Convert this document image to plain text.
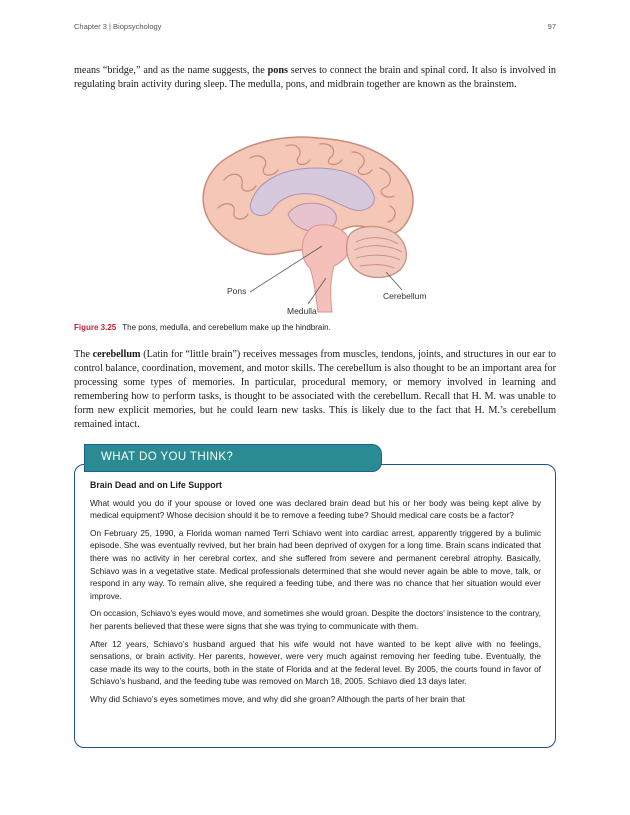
Chapter 3 | Biopsychology	97

means “bridge,” and as the name suggests, the pons serves to connect the brain and spinal cord. It also is involved in regulating brain activity during sleep. The medulla, pons, and midbrain together are known as the brainstem.

Pons
Medulla
Cerebellum
Figure 3.25 The pons, medulla, and cerebellum make up the hindbrain.

The cerebellum (Latin for “little brain”) receives messages from muscles, tendons, joints, and structures in our ear to control balance, coordination, movement, and motor skills. The cerebellum is also thought to be an important area for processing some types of memories. In particular, procedural memory, or memory involved in learning and remembering how to perform tasks, is thought to be associated with the cerebellum. Recall that H. M. was unable to form new explicit memories, but he could learn new tasks. This is likely due to the fact that H. M.’s cerebellum remained intact.

WHAT DO YOU THINK?

Brain Dead and on Life Support

What would you do if your spouse or loved one was declared brain dead but his or her body was being kept alive by medical equipment? Whose decision should it be to remove a feeding tube? Should medical care costs be a factor?

On February 25, 1990, a Florida woman named Terri Schiavo went into cardiac arrest, apparently triggered by a bulimic episode. She was eventually revived, but her brain had been deprived of oxygen for a long time. Brain scans indicated that there was no activity in her cerebral cortex, and she suffered from severe and permanent cerebral atrophy. Basically, Schiavo was in a vegetative state. Medical professionals determined that she would never again be able to move, talk, or respond in any way. To remain alive, she required a feeding tube, and there was no chance that her situation would ever improve.

On occasion, Schiavo’s eyes would move, and sometimes she would groan. Despite the doctors’ insistence to the contrary, her parents believed that these were signs that she was trying to communicate with them.

After 12 years, Schiavo’s husband argued that his wife would not have wanted to be kept alive with no feelings, sensations, or brain activity. Her parents, however, were very much against removing her feeding tube. Eventually, the case made its way to the courts, both in the state of Florida and at the federal level. By 2005, the courts found in favor of Schiavo’s husband, and the feeding tube was removed on March 18, 2005. Schiavo died 13 days later.

Why did Schiavo’s eyes sometimes move, and why did she groan? Although the parts of her brain that
